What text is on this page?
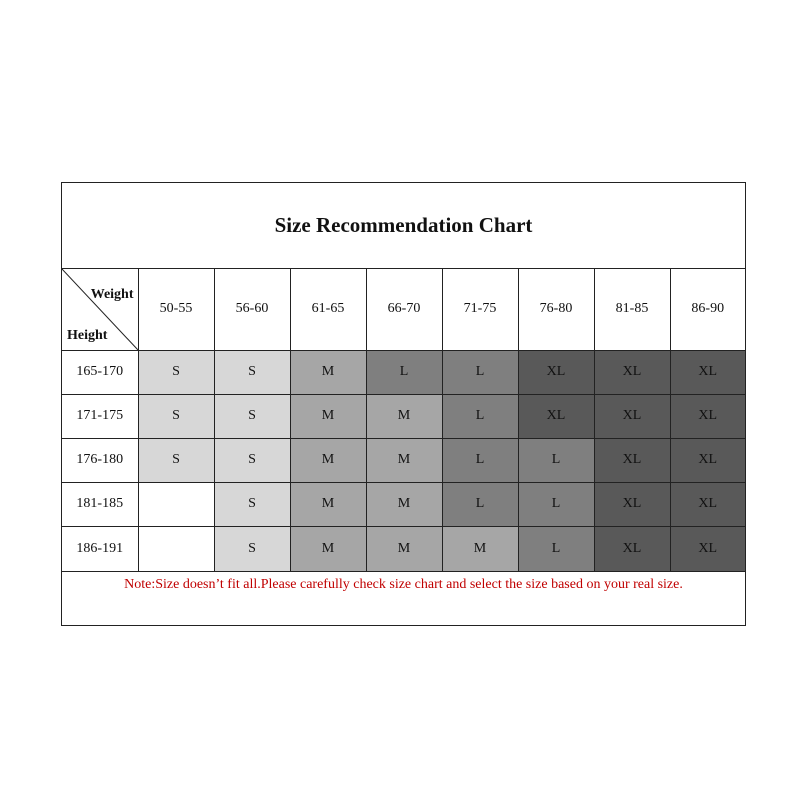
Size Recommendation Chart
Weight
Height	50-55	56-60	61-65	66-70	71-75	76-80	81-85	86-90
165-170	S	S	M	L	L	XL	XL	XL
171-175	S	S	M	M	L	XL	XL	XL
176-180	S	S	M	M	L	L	XL	XL
181-185		S	M	M	L	L	XL	XL
186-191		S	M	M	M	L	XL	XL
Note:Size doesn’t fit all.Please carefully check size chart and select the size based on your real size.
